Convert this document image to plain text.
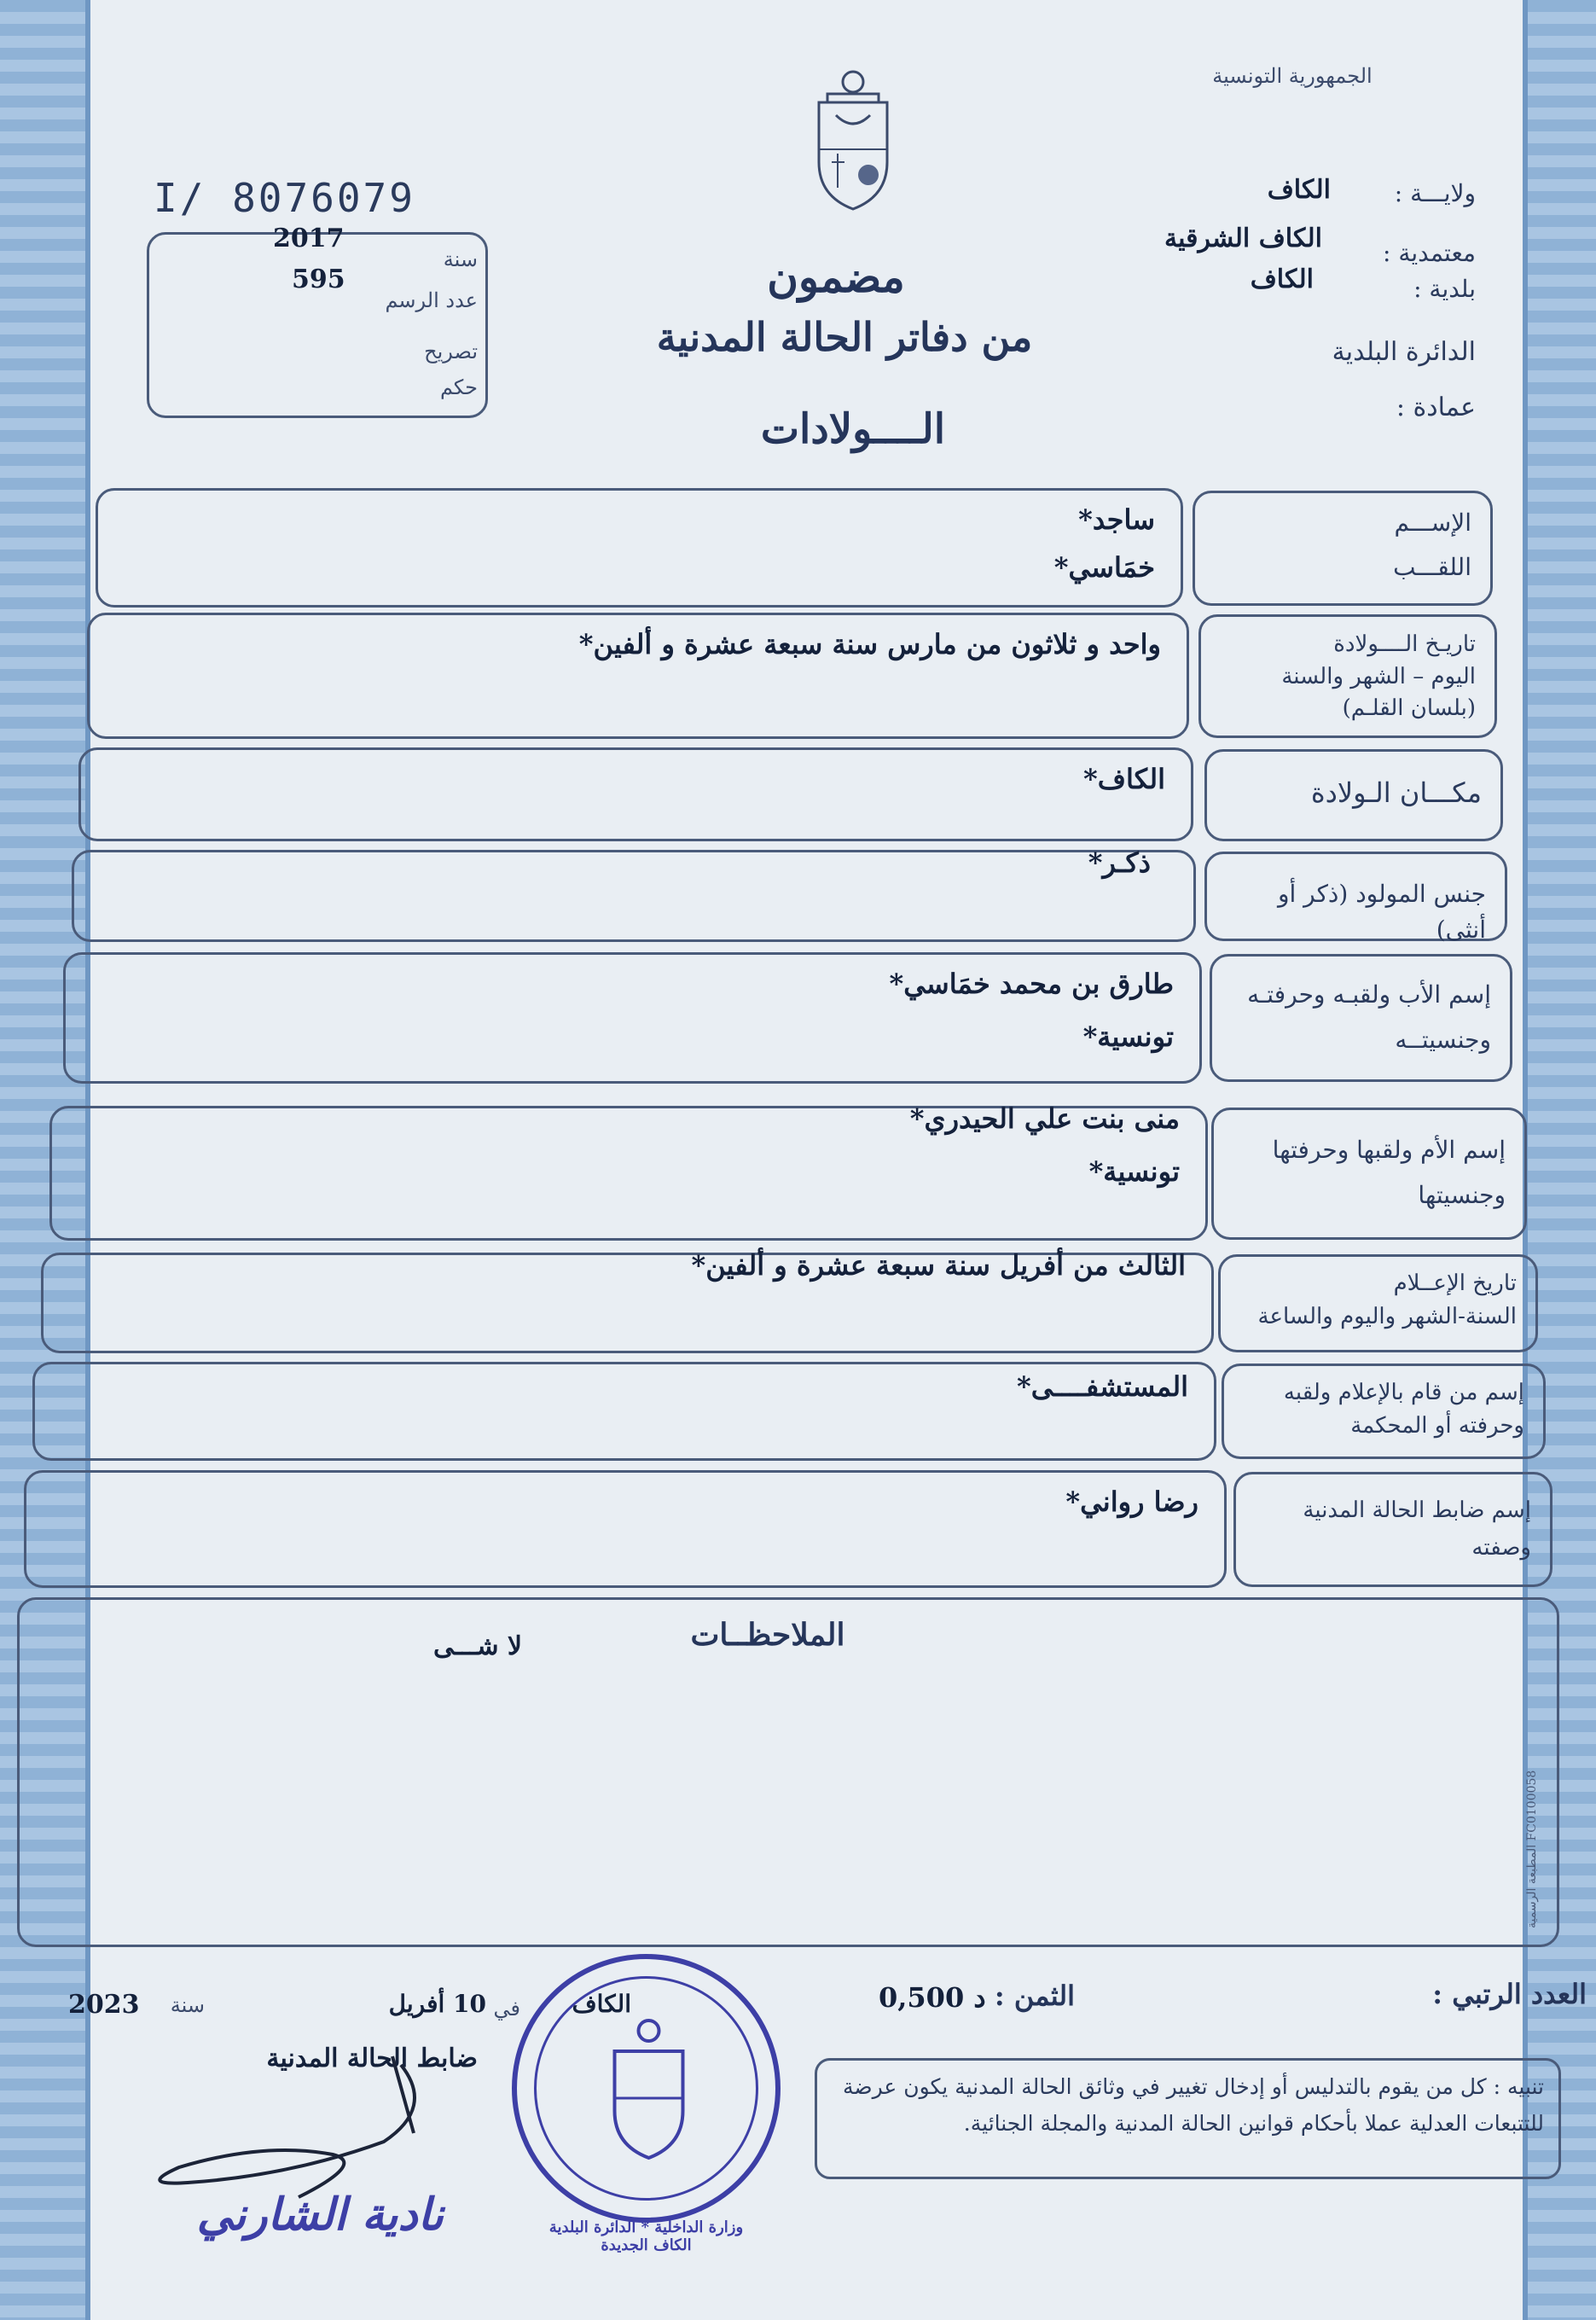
الجمهورية التونسية
ولايـــة :
الكاف
معتمدية :
الكاف الشرقية
بلدية :
الكاف
الدائرة البلدية
عمادة :
I/ 8076079
سنة
2017
عدد الرسم
595
تصريح
حكم
مضمون
من دفاتر الحالة المدنية
الــــولادات
الإســـم
اللقـــب
ساجد*
خمَاسي*
تاريـخ الــــولادة
اليوم – الشهر والسنة
(بلسان القلـم)
واحد و ثلاثون من مارس سنة سبعة عشرة و ألفين*
مكـــان الـولادة
الكاف*
جنس المولود (ذكر أو أنثى)
ذكـر*
إسم الأب ولقبـه وحرفتـه
وجنسيتــه
طارق بن محمد خمَاسي*
تونسية*
إسم الأم ولقبها وحرفتها
وجنسيتها
منى بنت علي الحيدري*
تونسية*
تاريخ الإعــلام
السنة-الشهر واليوم والساعة
الثالث من أفريل سنة سبعة عشرة و ألفين*
إسم من قام بالإعلام ولقبه
وحرفته أو المحكمة
المستشفــــى*
إسم ضابط الحالة المدنية
وصفته
رضا رواني*
الملاحظــات
لا شـــى
المطبعة الرسمية FC0100058
العدد الرتبي :
الثمن :
0,500 د
الكاف
في
10 أفريل
سنة
2023
ضابط الحالة المدنية
نادية الشارني	وزارة الداخلية * الدائرة البلدية الكاف الجديدة
تنبيه : كل من يقوم بالتدليس أو إدخال تغيير في وثائق الحالة المدنية يكون عرضة للتتبعات العدلية عملا بأحكام قوانين الحالة المدنية والمجلة الجنائية.
